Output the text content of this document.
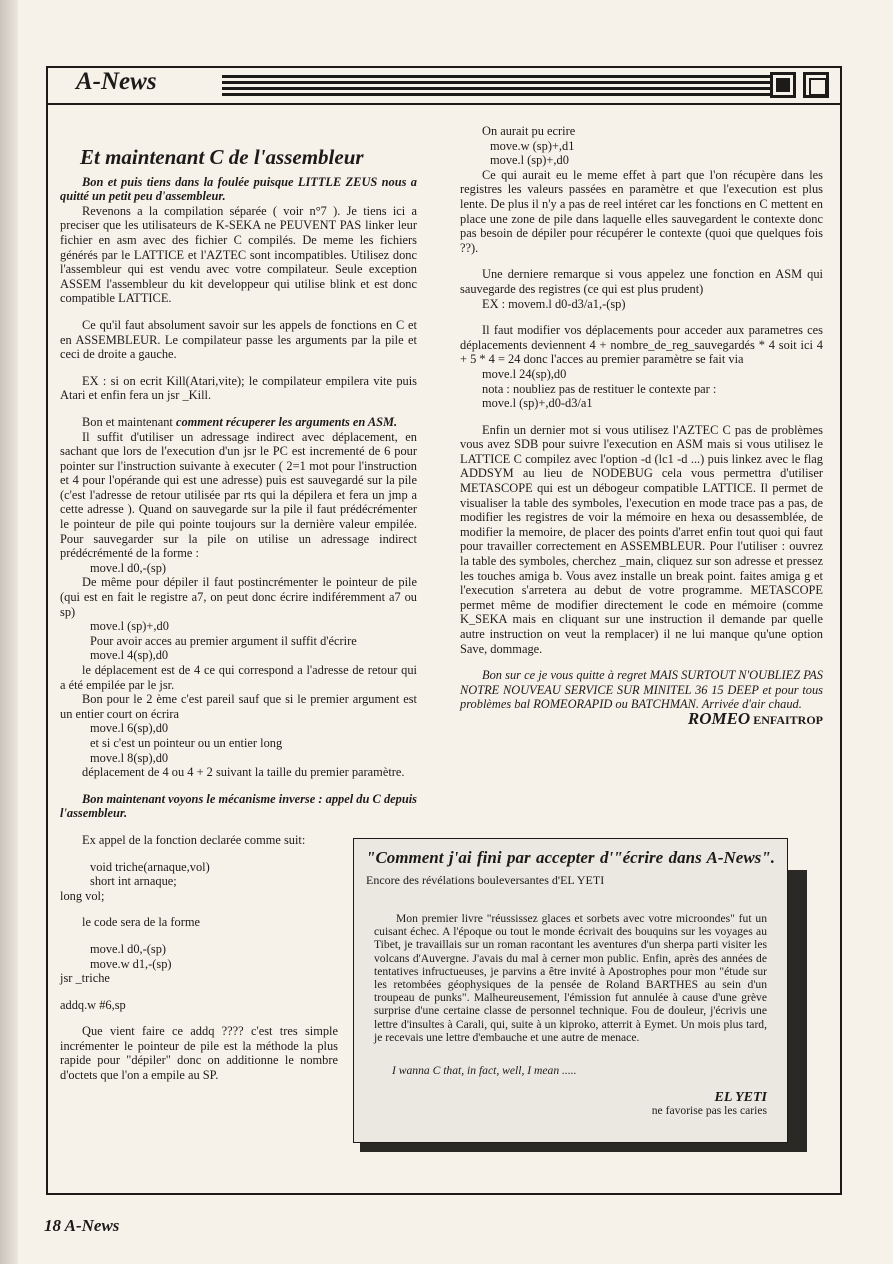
A-News
Et maintenant C de l'assembleur
Bon et puis tiens dans la foulée puisque LITTLE ZEUS nous a quitté un petit peu d'assembleur.

Revenons a la compilation séparée ( voir n°7 ). Je tiens ici a preciser que les utilisateurs de K-SEKA ne PEUVENT PAS linker leur fichier en asm avec des fichier C compilés. De meme les fichiers générés par le LATTICE et l'AZTEC sont incompatibles. Utilisez donc l'assembleur qui est vendu avec votre compilateur. Seule exception ASSEM l'assembleur du kit developpeur qui utilise blink et est donc compatible LATTICE.

Ce qu'il faut absolument savoir sur les appels de fonctions en C et en ASSEMBLEUR. Le compilateur passe les arguments par la pile et ceci de droite a gauche.

EX : si on ecrit Kill(Atari,vite); le compilateur empilera vite puis Atari et enfin fera un jsr _Kill.

Bon et maintenant comment récuperer les arguments en ASM.
Il suffit d'utiliser un adressage indirect avec déplacement, en sachant que lors de l'execution d'un jsr le PC est incrementé de 6 pour pointer sur l'instruction suivante à executer ( 2=1 mot pour l'instruction et 4 pour l'opérande qui est une adresse) puis est sauvegardé sur la pile (c'est l'adresse de retour utilisée par rts qui la dépilera et fera un jmp a cette adresse ). Quand on sauvegarde sur la pile il faut prédécrémenter le pointeur de pile qui pointe toujours sur la dernière valeur empilée. Pour sauvegarder sur la pile on utilise un adressage indirect prédécrémenté de la forme :
move.l d0,-(sp)
De même pour dépiler il faut postincrémenter le pointeur de pile (qui est en fait le registre a7, on peut donc écrire indiféremment a7 ou sp)
move.l (sp)+,d0
Pour avoir acces au premier argument il suffit d'écrire
move.l 4(sp),d0
le déplacement est de 4 ce qui correspond a l'adresse de retour qui a été empilée par le jsr.
Bon pour le 2 ème c'est pareil sauf que si le premier argument est un entier court on écrira
move.l 6(sp),d0
et si c'est un pointeur ou un entier long
move.l 8(sp),d0

déplacement de 4 ou 4 + 2 suivant la taille du premier paramètre.

Bon maintenant voyons le mécanisme inverse : appel du C depuis l'assembleur.

Ex appel de la fonction declarée comme suit:

void triche(arnaque,vol)
short int arnaque;

long vol;

le code sera de la forme

move.l d0,-(sp)
move.w d1,-(sp)

jsr _triche

addq.w #6,sp

Que vient faire ce addq ???? c'est tres simple incrémenter le pointeur de pile est la méthode la plus rapide pour "dépiler" donc on additionne le nombre d'octets que l'on a empile au SP.

On aurait pu ecrire
move.w (sp)+,d1
move.l (sp)+,d0

Ce qui aurait eu le meme effet à part que l'on récupère dans les registres les valeurs passées en paramètre et que l'execution est plus lente. De plus il n'y a pas de reel intéret car les fonctions en C mettent en place une zone de pile dans laquelle elles sauvegardent le contexte donc pas besoin de dépiler pour récupérer le contexte (quoi que quelques fois ??).

Une derniere remarque si vous appelez une fonction en ASM qui sauvegarde des registres (ce qui est plus prudent)

EX : movem.l d0-d3/a1,-(sp)

Il faut modifier vos déplacements pour acceder aux parametres ces déplacements deviennent 4 + nombre_de_reg_sauvegardés * 4 soit ici 4 + 5 * 4 = 24 donc l'acces au premier paramètre se fait via
move.l 24(sp),d0
nota : noubliez pas de restituer le contexte par :

move.l (sp)+,d0-d3/a1

Enfin un dernier mot si vous utilisez l'AZTEC C pas de problèmes vous avez SDB pour suivre l'execution en ASM mais si vous utilisez le LATTICE C compilez avec l'option -d (lc1 -d ...) puis linkez avec le flag ADDSYM au lieu de NODEBUG cela vous permettra d'utiliser METASCOPE qui est un débogeur compatible LATTICE. Il permet de visualiser la table des symboles, l'execution en mode trace pas a pas, de modifier les registres de voir la mémoire en hexa ou desassemblée, de modifier la memoire, de placer des points d'arret enfin tout quoi qui faut pour travailler correctement en ASSEMBLEUR. Pour l'utiliser : ouvrez la table des symboles, cherchez _main, cliquez sur son adresse et pressez les touches amiga b. Vous avez installe un break point. faites amiga g et l'execution s'arretera au debut de votre programme. METASCOPE permet même de modifier directement le code en mémoire (comme K_SEKA mais en cliquant sur une instruction il demande par quelle autre instruction on veut la remplacer) il ne lui manque qu'une option Save, dommage.

Bon sur ce je vous quitte à regret MAIS SURTOUT N'OUBLIEZ PAS NOTRE NOUVEAU SERVICE SUR MINITEL 36 15 DEEP et pour tous problèmes bal ROMEORAPID ou BATCHMAN. Arrivée d'air chaud.
ROMEO ENFAITROP
"Comment j'ai fini par accepter d'"écrire dans A-News". Encore des révélations bouleversantes d'EL YETI

Mon premier livre "réussissez glaces et sorbets avec votre microondes" fut un cuisant échec. A l'époque ou tout le monde écrivait des bouquins sur les voyages au Tibet, je travaillais sur un roman racontant les aventures d'un sherpa parti visiter les volcans d'Auvergne. J'avais du mal à cerner mon public. Enfin, après des années de tentatives infructueuses, je parvins a être invité à Apostrophes pour mon "étude sur les retombées géophysiques de la pensée de Roland BARTHES au sein d'un troupeau de punks". Malheureusement, l'émission fut annulée à cause d'une grève surprise d'une certaine classe de personnel technique. Fou de douleur, j'écrivis une lettre d'insultes à Carali, qui, suite à un kiproko, atterrit à Eymet. Un mois plus tard, je recevais une lettre d'embauche et une autre de menace.

I wanna C that, in fact, well, I mean .....
EL YETI
ne favorise pas les caries
18 A-News
